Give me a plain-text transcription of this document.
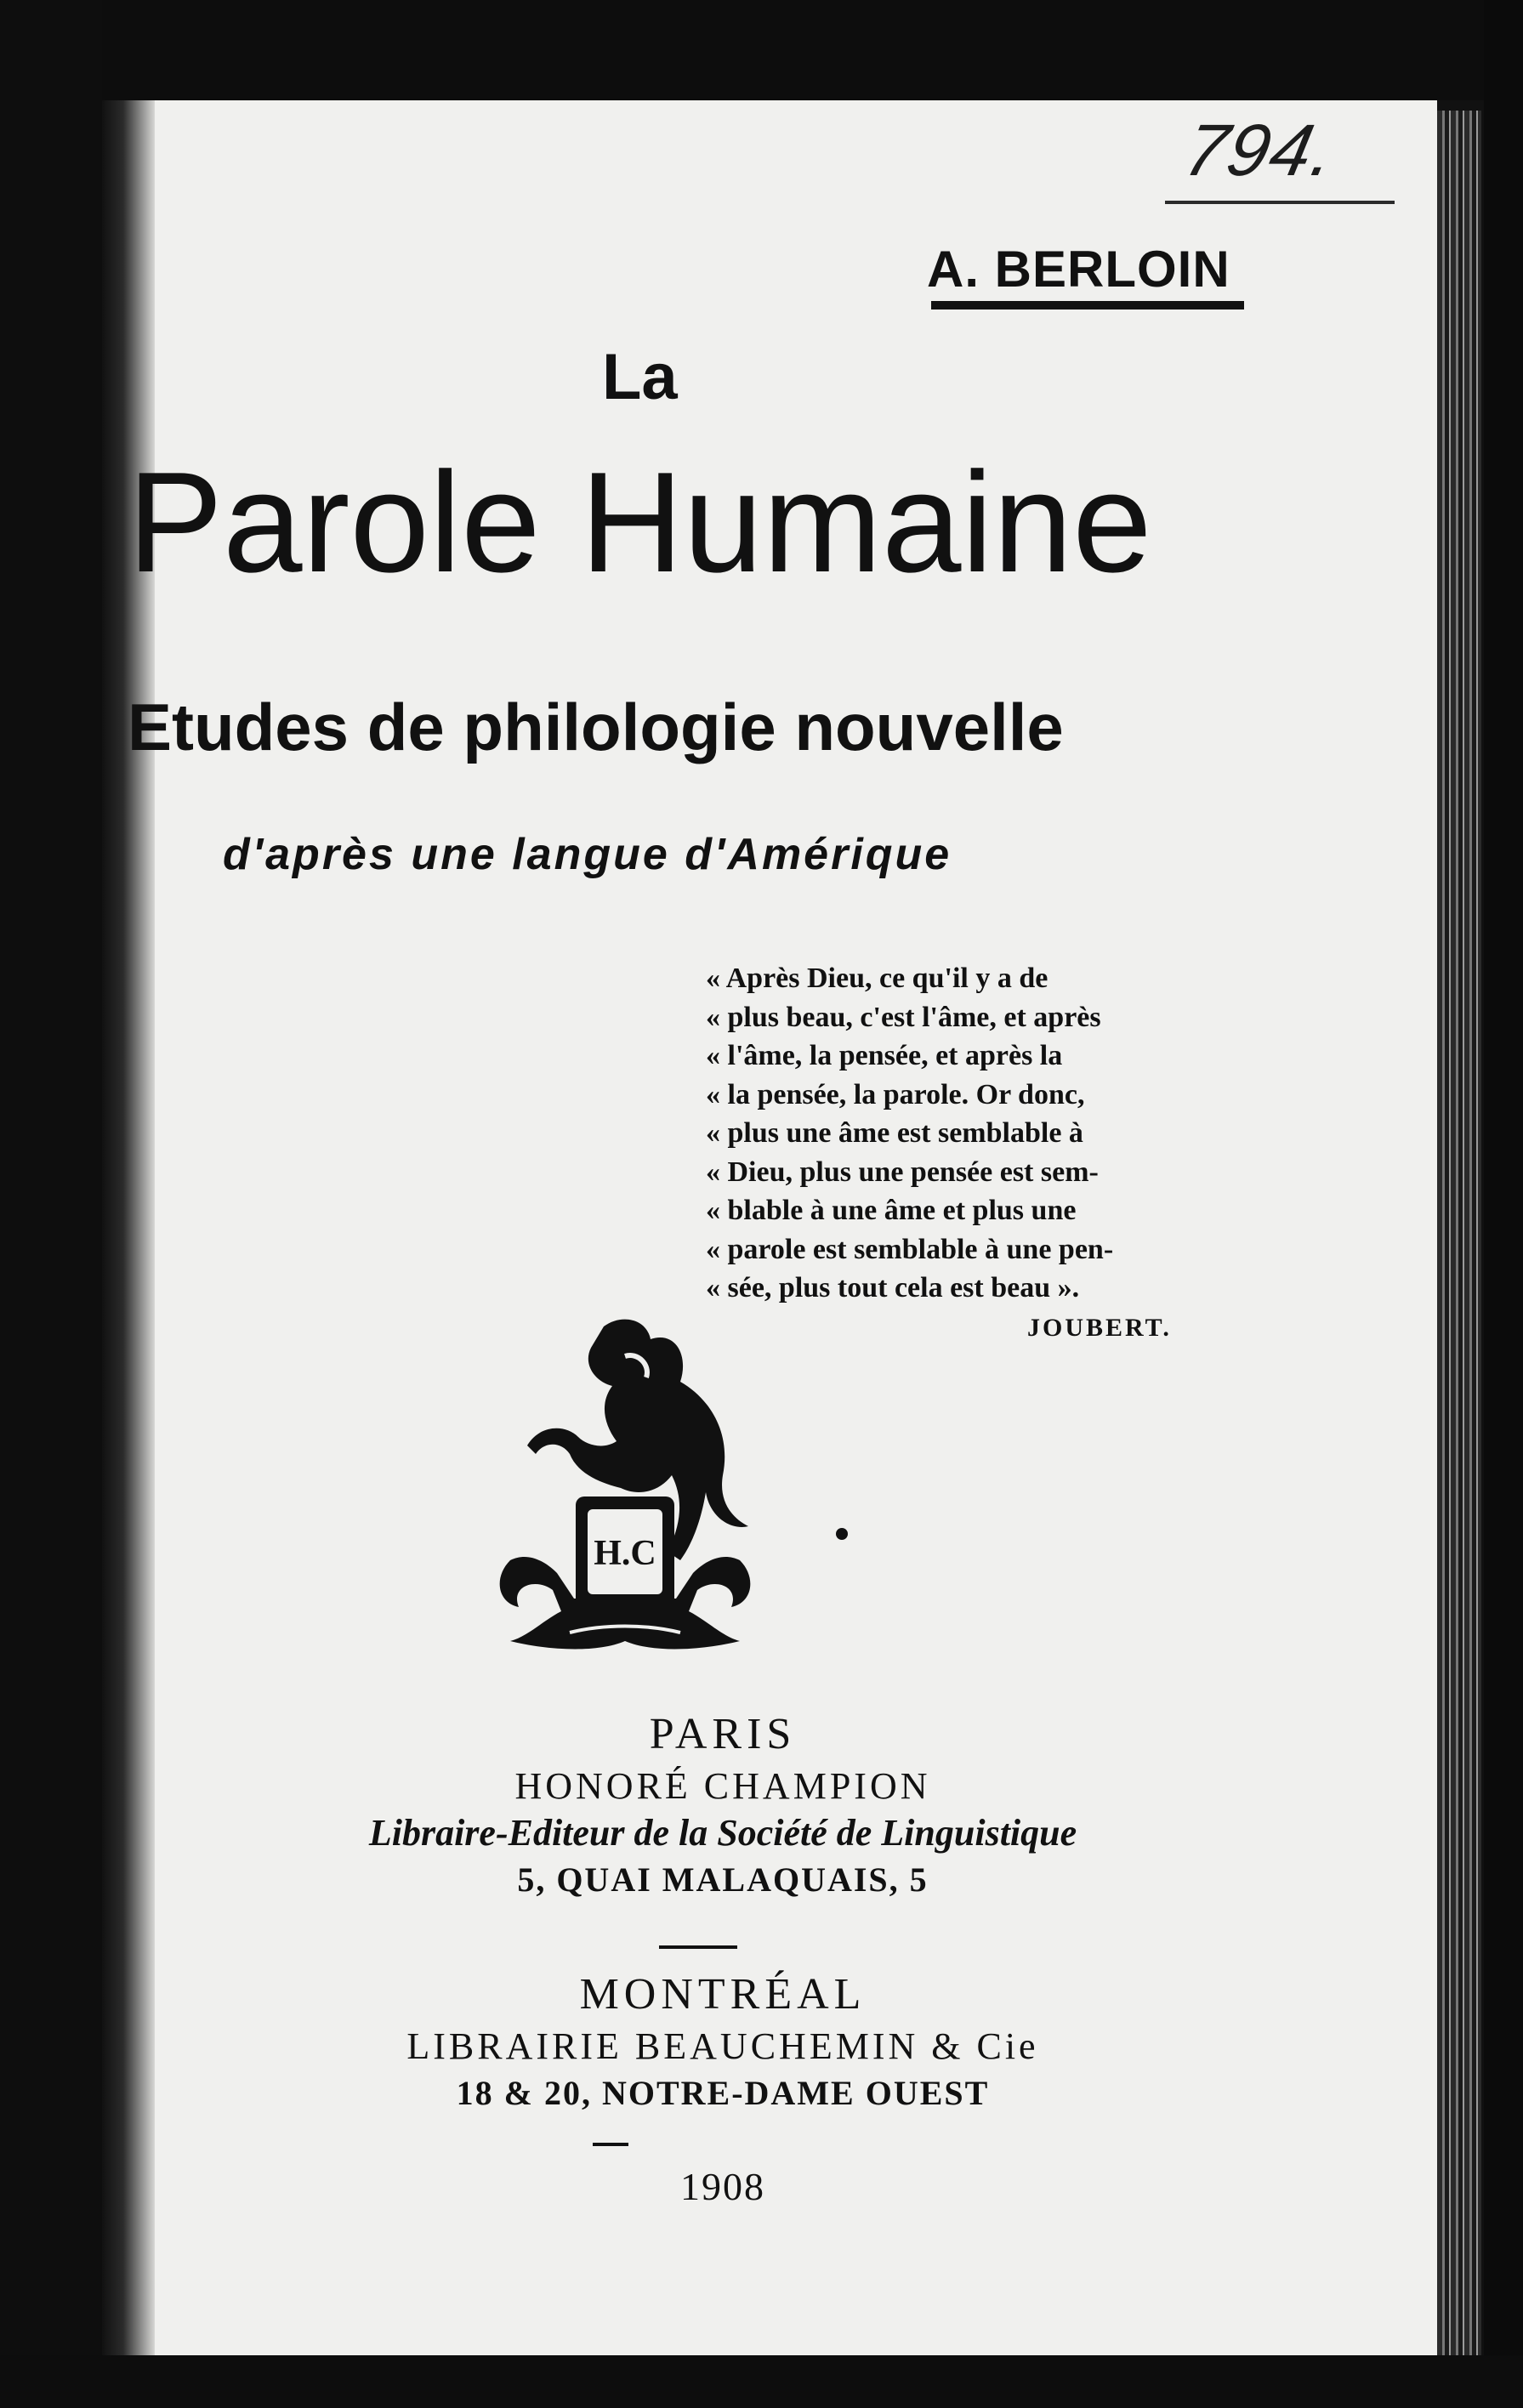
794.
A. BERLOIN
La
Parole Humaine
Etudes de philologie nouvelle
d'après une langue d'Amérique
« Après Dieu, ce qu'il y a de
« plus beau, c'est l'âme, et après
« l'âme, la pensée, et après la
« la pensée, la parole. Or donc,
« plus une âme est semblable à
« Dieu, plus une pensée est sem-
« blable à une âme et plus une
« parole est semblable à une pen-
« sée, plus tout cela est beau ».
JOUBERT.
H.C
PARIS
HONORÉ CHAMPION
Libraire-Editeur de la Société de Linguistique
5, QUAI MALAQUAIS, 5
MONTRÉAL
LIBRAIRIE BEAUCHEMIN & Cie
18 & 20, NOTRE-DAME OUEST
1908
